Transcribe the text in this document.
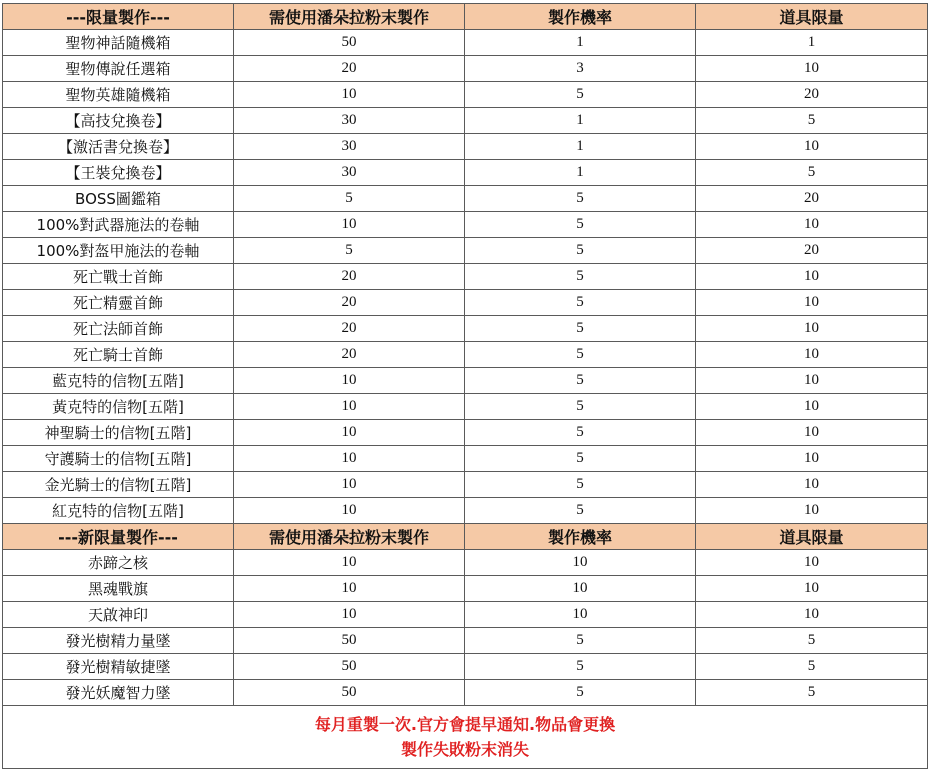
---限量製作---	需使用潘朵拉粉末製作	製作機率	道具限量
聖物神話隨機箱	50	1	1
聖物傳說任選箱	20	3	10
聖物英雄隨機箱	10	5	20
【高技兌換卷】	30	1	5
【激活書兌換卷】	30	1	10
【王裝兌換卷】	30	1	5
BOSS圖鑑箱	5	5	20
100%對武器施法的卷軸	10	5	10
100%對盔甲施法的卷軸	5	5	20
死亡戰士首飾	20	5	10
死亡精靈首飾	20	5	10
死亡法師首飾	20	5	10
死亡騎士首飾	20	5	10
藍克特的信物[五階]	10	5	10
黃克特的信物[五階]	10	5	10
神聖騎士的信物[五階]	10	5	10
守護騎士的信物[五階]	10	5	10
金光騎士的信物[五階]	10	5	10
紅克特的信物[五階]	10	5	10
---新限量製作---	需使用潘朵拉粉末製作	製作機率	道具限量
赤蹄之核	10	10	10
黑魂戰旗	10	10	10
天啟神印	10	10	10
發光樹精力量墜	50	5	5
發光樹精敏捷墜	50	5	5
發光妖魔智力墜	50	5	5

每月重製一次.官方會提早通知.物品會更換
製作失敗粉末消失			
